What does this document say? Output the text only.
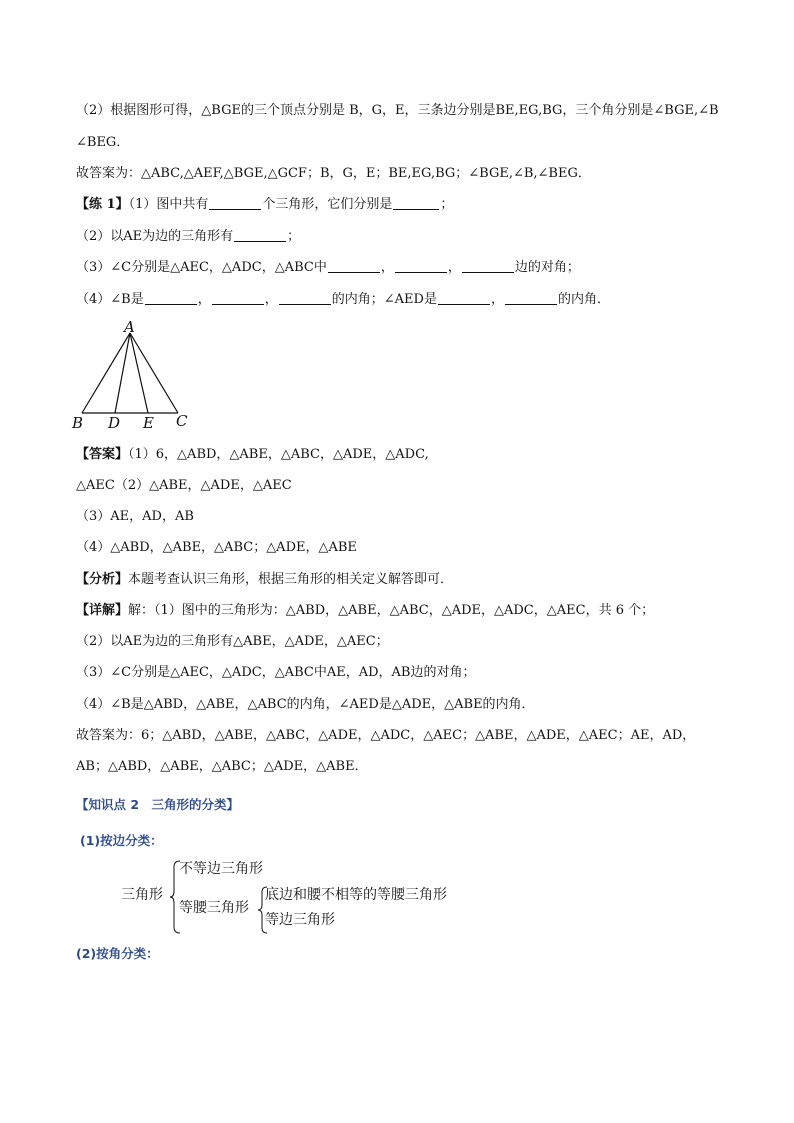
（2）根据图形可得，△BGE的三个顶点分别是 B，G，E，三条边分别是BE,EG,BG，三个角分别是∠BGE,∠B
∠BEG．
故答案为：△ABC,△AEF,△BGE,△GCF；B，G，E；BE,EG,BG；∠BGE,∠B,∠BEG．
【练 1】（1）图中共有	个三角形，它们分别是	；
（2）以AE为边的三角形有	；
（3）∠C分别是△AEC，△ADC，△ABC中	，	，	边的对角；
（4）∠B是	，	，	的内角；∠AED是	，	的内角．
A
B D E C
【答案】（1）6，△ABD，△ABE，△ABC，△ADE，△ADC,
△AEC（2）△ABE，△ADE，△AEC
（3）AE，AD，AB
（4）△ABD，△ABE，△ABC；△ADE，△ABE
【分析】本题考查认识三角形，根据三角形的相关定义解答即可．
【详解】解：（1）图中的三角形为：△ABD，△ABE，△ABC，△ADE，△ADC，△AEC，共 6 个；
（2）以AE为边的三角形有△ABE，△ADE，△AEC；
（3）∠C分别是△AEC，△ADC，△ABC中AE，AD，AB边的对角；
（4）∠B是△ABD，△ABE，△ABC的内角，∠AED是△ADE，△ABE的内角．
故答案为：6；△ABD，△ABE，△ABC，△ADE，△ADC，△AEC；△ABE，△ADE，△AEC；AE，AD，
AB；△ABD，△ABE，△ABC；△ADE，△ABE．
【知识点 2　三角形的分类】
(1)按边分类：
三角形
不等边三角形
等腰三角形
底边和腰不相等的等腰三角形
等边三角形
(2)按角分类：
